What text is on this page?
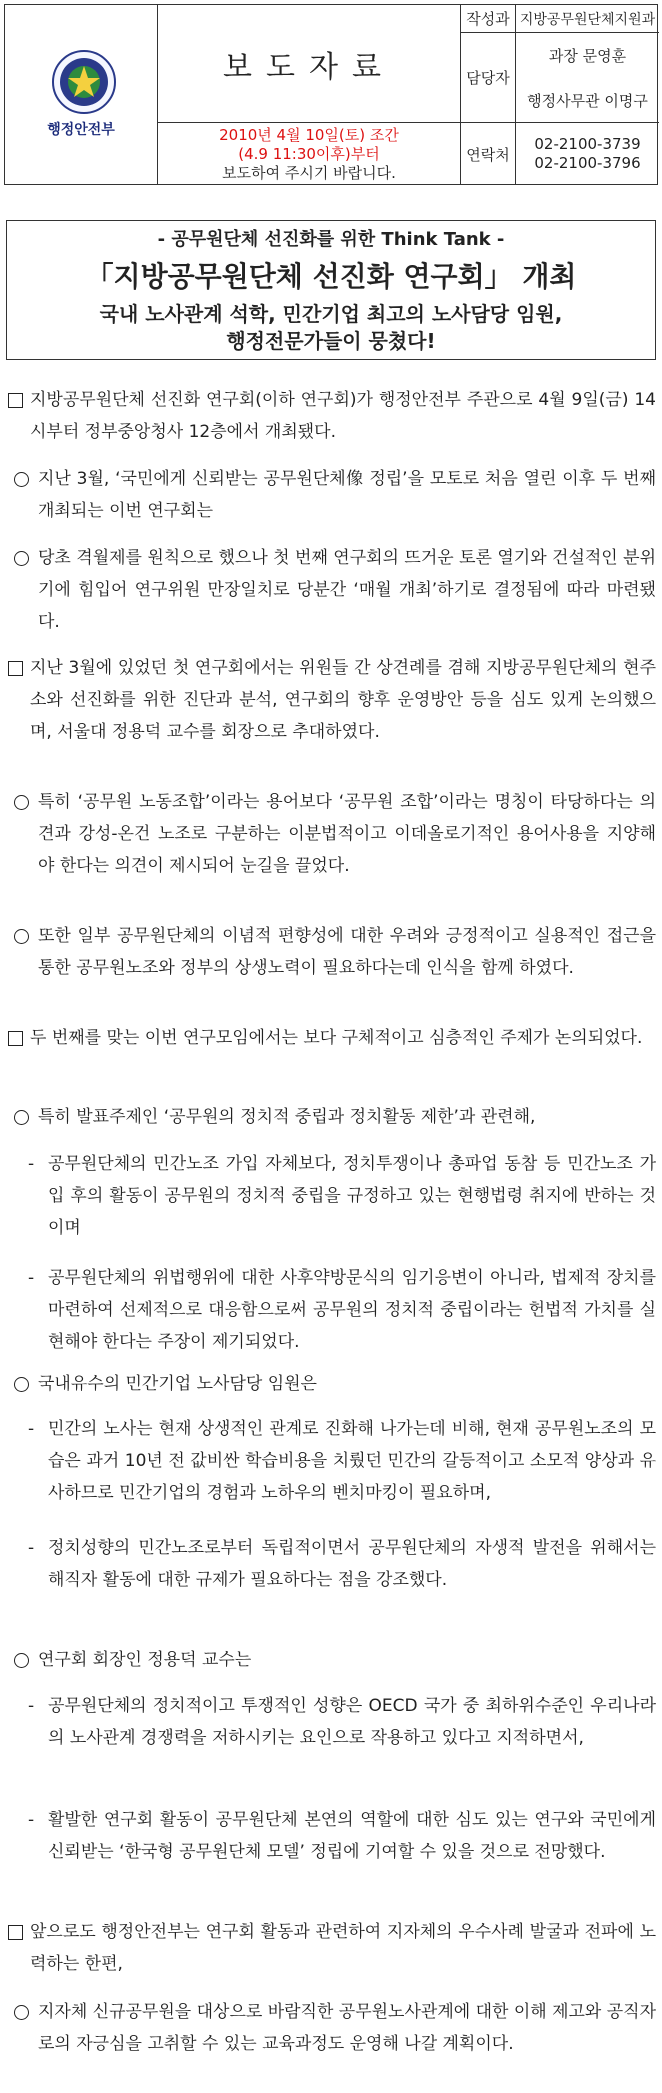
행정안전부
보도자료
2010년 4월 10일(토) 조간
(4.9 11:30이후)부터
보도하여 주시기 바랍니다.
작성과 지방공무원단체지원과
담당자
과장 문영훈
행정사무관 이명구
연락처
02-2100-3739
02-2100-3796
- 공무원단체 선진화를 위한 Think Tank -
「지방공무원단체 선진화 연구회」 개최
국내 노사관계 석학, 민간기업 최고의 노사담당 임원,
행정전문가들이 뭉쳤다!
지방공무원단체 선진화 연구회(이하 연구회)가 행정안전부 주관으로 4월 9일(금) 14시부터 정부중앙청사 12층에서 개최됐다.
지난 3월, ‘국민에게 신뢰받는 공무원단체像 정립’을 모토로 처음 열린 이후 두 번째 개최되는 이번 연구회는
당초 격월제를 원칙으로 했으나 첫 번째 연구회의 뜨거운 토론 열기와 건설적인 분위기에 힘입어 연구위원 만장일치로 당분간 ‘매월 개최’하기로 결정됨에 따라 마련됐다.
지난 3월에 있었던 첫 연구회에서는 위원들 간 상견례를 겸해 지방공무원단체의 현주소와 선진화를 위한 진단과 분석, 연구회의 향후 운영방안 등을 심도 있게 논의했으며, 서울대 정용덕 교수를 회장으로 추대하였다.
특히 ‘공무원 노동조합’이라는 용어보다 ‘공무원 조합’이라는 명칭이 타당하다는 의견과 강성-온건 노조로 구분하는 이분법적이고 이데올로기적인 용어사용을 지양해야 한다는 의견이 제시되어 눈길을 끌었다.
또한 일부 공무원단체의 이념적 편향성에 대한 우려와 긍정적이고 실용적인 접근을 통한 공무원노조와 정부의 상생노력이 필요하다는데 인식을 함께 하였다.
두 번째를 맞는 이번 연구모임에서는 보다 구체적이고 심층적인 주제가 논의되었다.
특히 발표주제인 ‘공무원의 정치적 중립과 정치활동 제한’과 관련해,
- 공무원단체의 민간노조 가입 자체보다, 정치투쟁이나 총파업 동참 등 민간노조 가입 후의 활동이 공무원의 정치적 중립을 규정하고 있는 현행법령 취지에 반하는 것이며
- 공무원단체의 위법행위에 대한 사후약방문식의 임기응변이 아니라, 법제적 장치를 마련하여 선제적으로 대응함으로써 공무원의 정치적 중립이라는 헌법적 가치를 실현해야 한다는 주장이 제기되었다.
국내유수의 민간기업 노사담당 임원은
- 민간의 노사는 현재 상생적인 관계로 진화해 나가는데 비해, 현재 공무원노조의 모습은 과거 10년 전 값비싼 학습비용을 치뤘던 민간의 갈등적이고 소모적 양상과 유사하므로 민간기업의 경험과 노하우의 벤치마킹이 필요하며,
- 정치성향의 민간노조로부터 독립적이면서 공무원단체의 자생적 발전을 위해서는 해직자 활동에 대한 규제가 필요하다는 점을 강조했다.
연구회 회장인 정용덕 교수는
- 공무원단체의 정치적이고 투쟁적인 성향은 OECD 국가 중 최하위수준인 우리나라의 노사관계 경쟁력을 저하시키는 요인으로 작용하고 있다고 지적하면서,
- 활발한 연구회 활동이 공무원단체 본연의 역할에 대한 심도 있는 연구와 국민에게 신뢰받는 ‘한국형 공무원단체 모델’ 정립에 기여할 수 있을 것으로 전망했다.
앞으로도 행정안전부는 연구회 활동과 관련하여 지자체의 우수사례 발굴과 전파에 노력하는 한편,
지자체 신규공무원을 대상으로 바람직한 공무원노사관계에 대한 이해 제고와 공직자로의 자긍심을 고취할 수 있는 교육과정도 운영해 나갈 계획이다.
